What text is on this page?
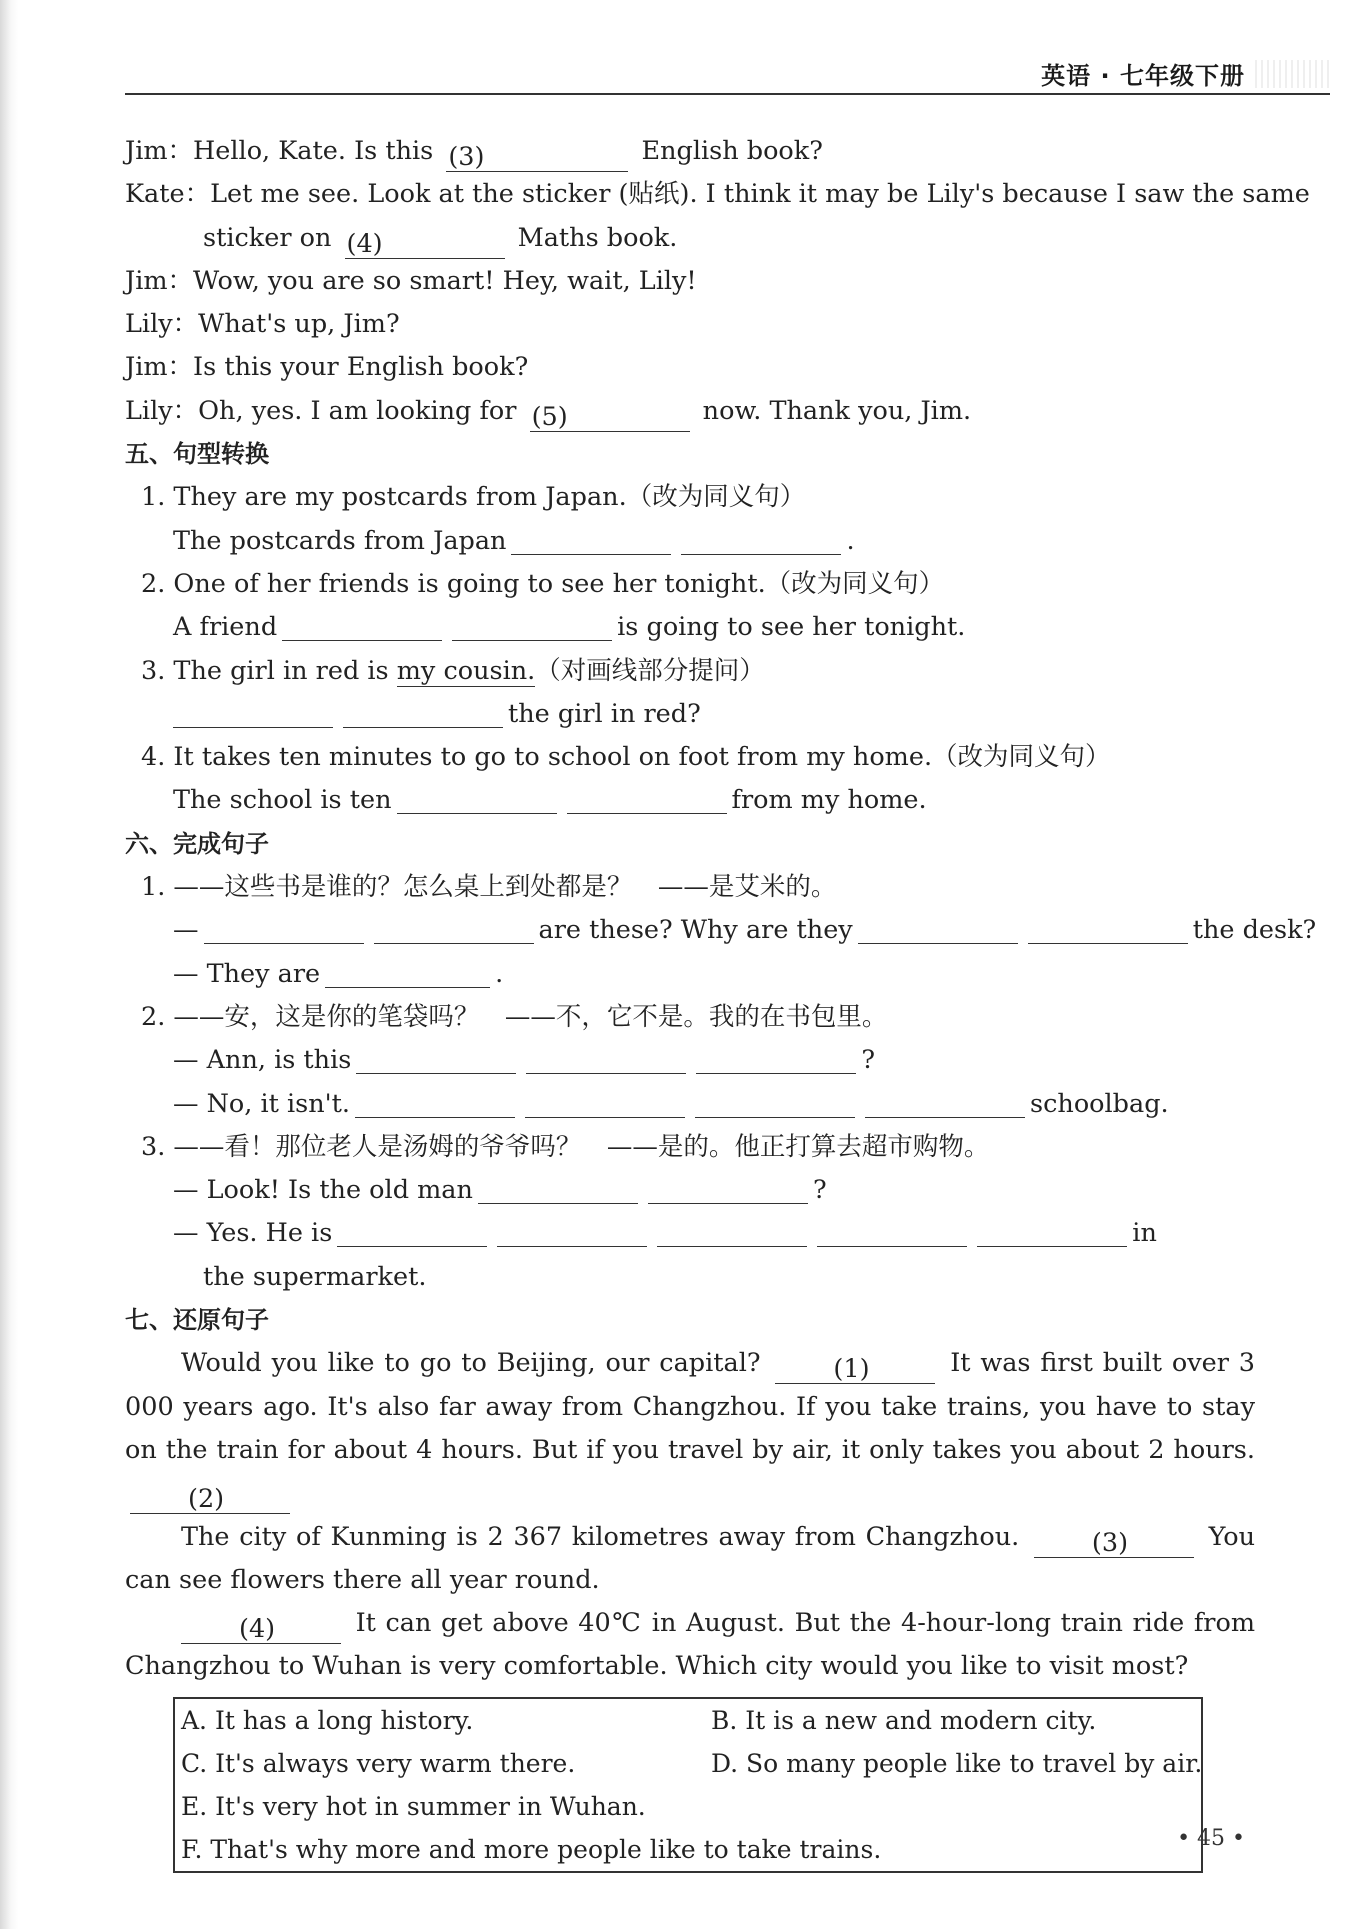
英语 · 七年级下册
Jim：Hello, Kate. Is this (3)	English book?
Kate：Let me see. Look at the sticker (贴纸). I think it may be Lily's because I saw the same
sticker on (4)	Maths book.
Jim：Wow, you are so smart! Hey, wait, Lily!
Lily：What's up, Jim?
Jim：Is this your English book?
Lily：Oh, yes. I am looking for (5)	now. Thank you, Jim.
五、句型转换
1. They are my postcards from Japan.（改为同义句）
The postcards from Japan	.
2. One of her friends is going to see her tonight.（改为同义句）
A friend	is going to see her tonight.
3. The girl in red is my cousin.（对画线部分提问）
the girl in red?
4. It takes ten minutes to go to school on foot from my home.（改为同义句）
The school is ten	from my home.
六、完成句子
1. ——这些书是谁的？怎么桌上到处都是？　——是艾米的。
—	are these? Why are they	the desk?
— They are	.
2. ——安，这是你的笔袋吗？　——不，它不是。我的在书包里。
— Ann, is this	?
— No, it isn't.	schoolbag.
3. ——看！那位老人是汤姆的爷爷吗？　——是的。他正打算去超市购物。
— Look! Is the old man	?
— Yes. He is	in
the supermarket.
七、还原句子
Would you like to go to Beijing, our capital? (1)	It was first built over 3 000 years ago. It's also far away from Changzhou. If you take trains, you have to stay on the train for about 4 hours. But if you travel by air, it only takes you about 2 hours. (2)
The city of Kunming is 2 367 kilometres away from Changzhou. (3)	You can see flowers there all year round.
(4)	It can get above 40℃ in August. But the 4-hour-long train ride from Changzhou to Wuhan is very comfortable. Which city would you like to visit most?
A. It has a long history.	B. It is a new and modern city.
C. It's always very warm there.	D. So many people like to travel by air.
E. It's very hot in summer in Wuhan.
F. That's why more and more people like to take trains.	• 45 •
